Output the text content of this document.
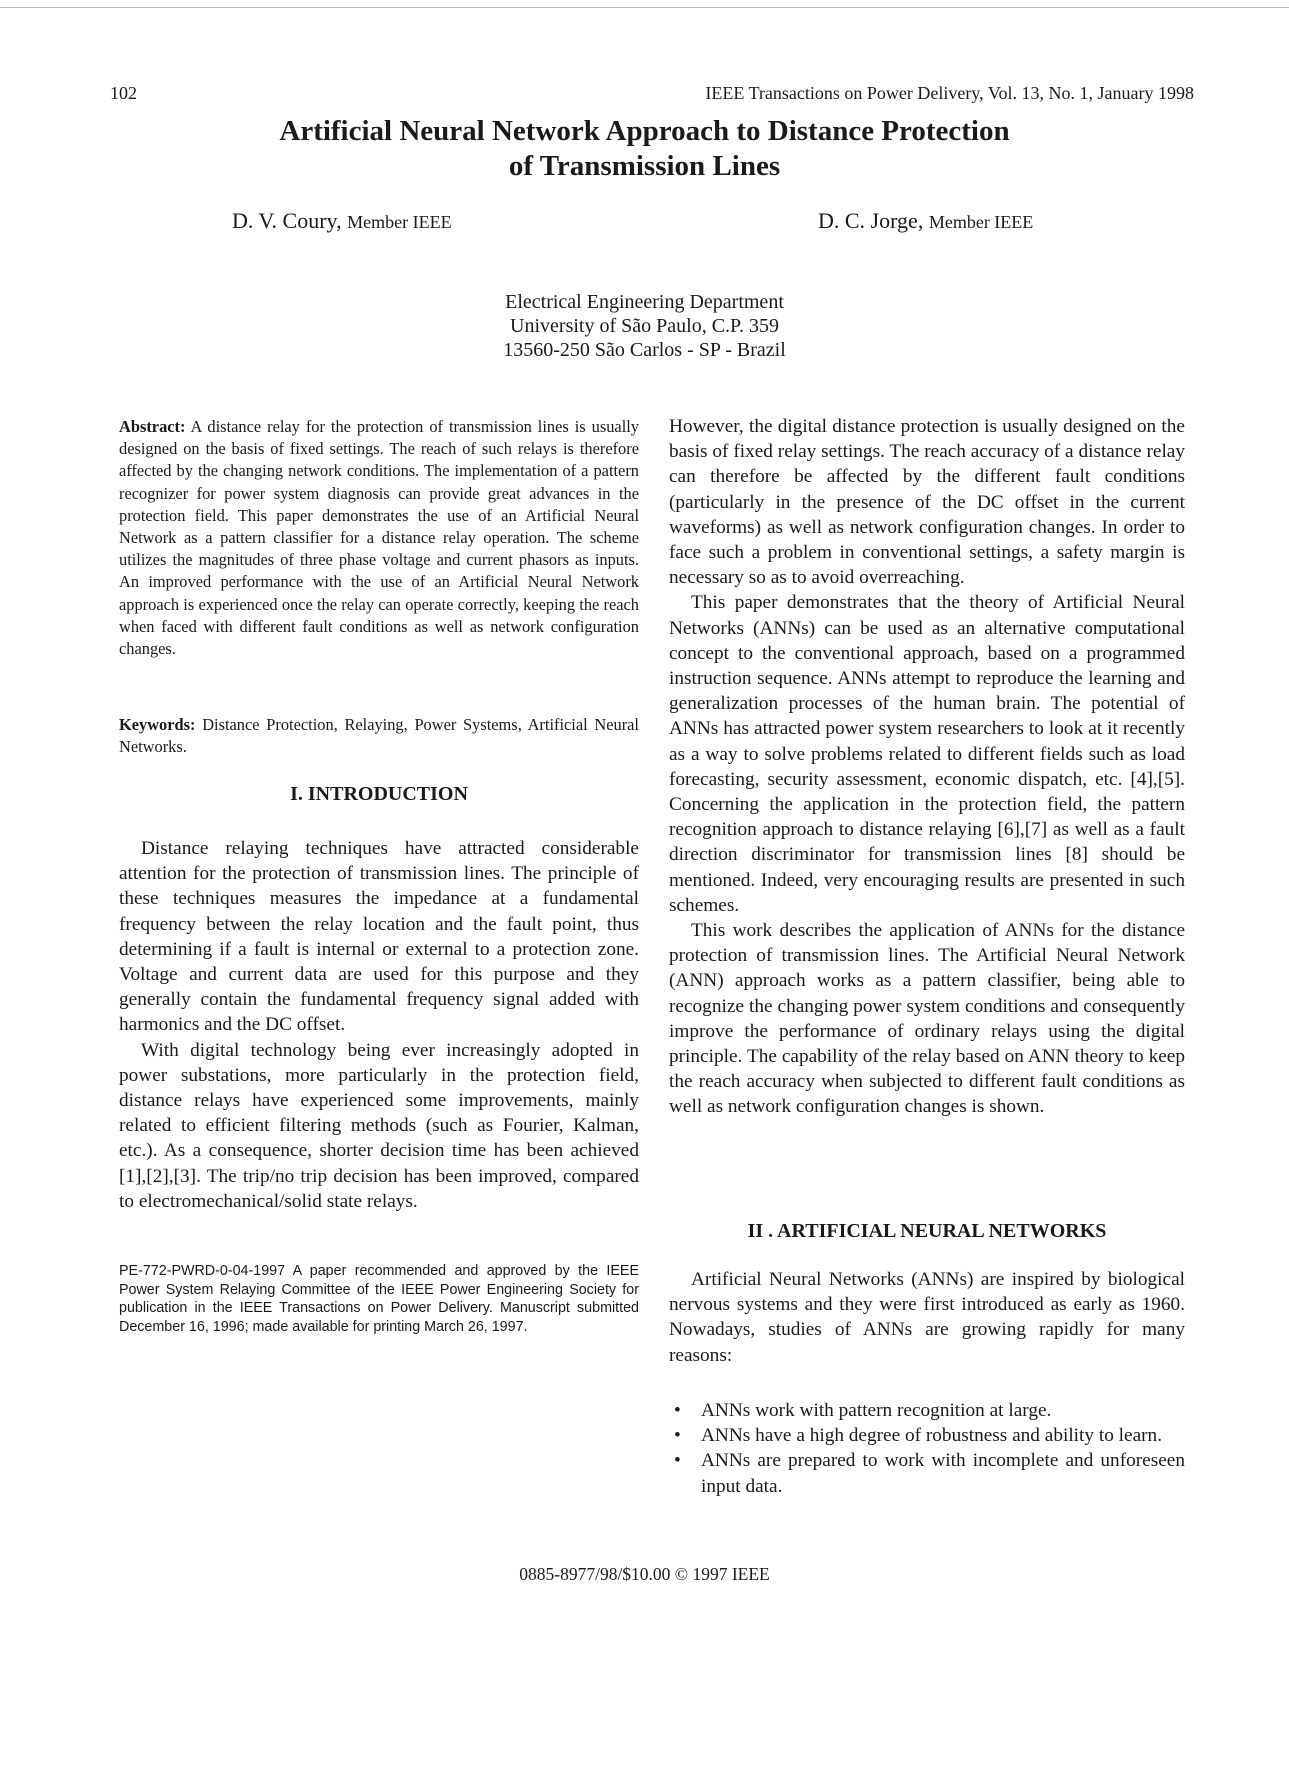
102	IEEE Transactions on Power Delivery, Vol. 13, No. 1, January 1998
Artificial Neural Network Approach to Distance Protection
of Transmission Lines
D. V. Coury, Member IEEE	D. C. Jorge, Member IEEE
Electrical Engineering Department
University of São Paulo, C.P. 359
13560-250 São Carlos - SP - Brazil

Abstract: A distance relay for the protection of transmission lines is usually designed on the basis of fixed settings. The reach of such relays is therefore affected by the changing network conditions. The implementation of a pattern recognizer for power system diagnosis can provide great advances in the protection field. This paper demonstrates the use of an Artificial Neural Network as a pattern classifier for a distance relay operation. The scheme utilizes the magnitudes of three phase voltage and current phasors as inputs. An improved performance with the use of an Artificial Neural Network approach is experienced once the relay can operate correctly, keeping the reach when faced with different fault conditions as well as network configuration changes.

Keywords: Distance Protection, Relaying, Power Systems, Artificial Neural Networks.

I. INTRODUCTION

Distance relaying techniques have attracted considerable attention for the protection of transmission lines. The principle of these techniques measures the impedance at a fundamental frequency between the relay location and the fault point, thus determining if a fault is internal or external to a protection zone. Voltage and current data are used for this purpose and they generally contain the fundamental frequency signal added with harmonics and the DC offset.

With digital technology being ever increasingly adopted in power substations, more particularly in the protection field, distance relays have experienced some improvements, mainly related to efficient filtering methods (such as Fourier, Kalman, etc.). As a consequence, shorter decision time has been achieved [1],[2],[3]. The trip/no trip decision has been improved, compared to electromechanical/solid state relays.

PE-772-PWRD-0-04-1997 A paper recommended and approved by the IEEE Power System Relaying Committee of the IEEE Power Engineering Society for publication in the IEEE Transactions on Power Delivery. Manuscript submitted December 16, 1996; made available for printing March 26, 1997.

However, the digital distance protection is usually designed on the basis of fixed relay settings. The reach accuracy of a distance relay can therefore be affected by the different fault conditions (particularly in the presence of the DC offset in the current waveforms) as well as network configuration changes. In order to face such a problem in conventional settings, a safety margin is necessary so as to avoid overreaching.

This paper demonstrates that the theory of Artificial Neural Networks (ANNs) can be used as an alternative computational concept to the conventional approach, based on a programmed instruction sequence. ANNs attempt to reproduce the learning and generalization processes of the human brain. The potential of ANNs has attracted power system researchers to look at it recently as a way to solve problems related to different fields such as load forecasting, security assessment, economic dispatch, etc. [4],[5]. Concerning the application in the protection field, the pattern recognition approach to distance relaying [6],[7] as well as a fault direction discriminator for transmission lines [8] should be mentioned. Indeed, very encouraging results are presented in such schemes.

This work describes the application of ANNs for the distance protection of transmission lines. The Artificial Neural Network (ANN) approach works as a pattern classifier, being able to recognize the changing power system conditions and consequently improve the performance of ordinary relays using the digital principle. The capability of the relay based on ANN theory to keep the reach accuracy when subjected to different fault conditions as well as network configuration changes is shown.

II . ARTIFICIAL NEURAL NETWORKS

Artificial Neural Networks (ANNs) are inspired by biological nervous systems and they were first introduced as early as 1960. Nowadays, studies of ANNs are growing rapidly for many reasons:

• ANNs work with pattern recognition at large.
• ANNs have a high degree of robustness and ability to learn.
• ANNs are prepared to work with incomplete and unforeseen input data.
0885-8977/98/$10.00 © 1997 IEEE
